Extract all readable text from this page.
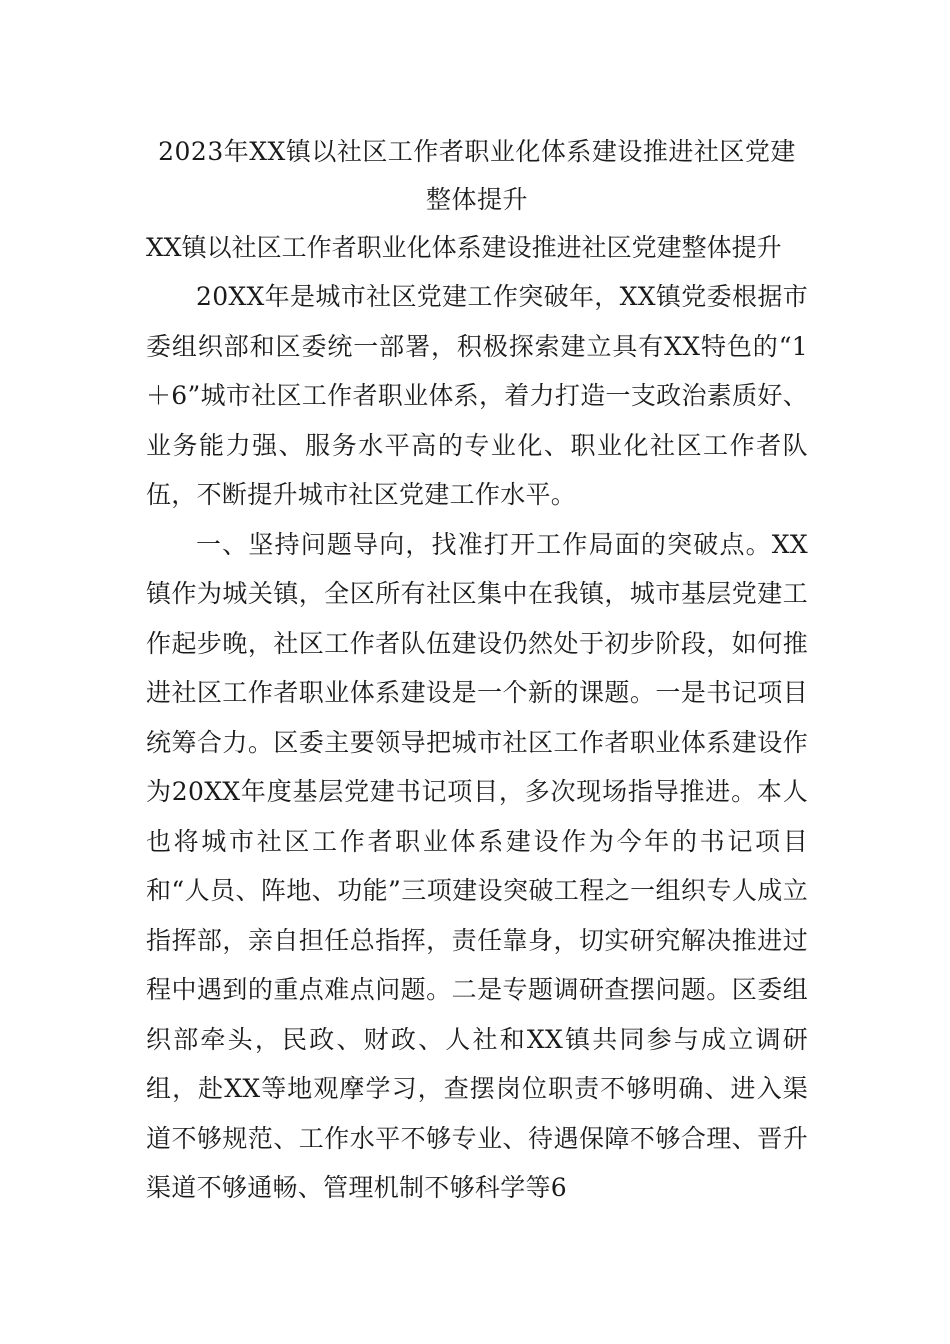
2023年XX镇以社区工作者职业化体系建设推进社区党建整体提升

XX镇以社区工作者职业化体系建设推进社区党建整体提升

20XX年是城市社区党建工作突破年，XX镇党委根据市委组织部和区委统一部署，积极探索建立具有XX特色的“1＋6”城市社区工作者职业体系，着力打造一支政治素质好、业务能力强、服务水平高的专业化、职业化社区工作者队伍，不断提升城市社区党建工作水平。

一、坚持问题导向，找准打开工作局面的突破点。XX镇作为城关镇，全区所有社区集中在我镇，城市基层党建工作起步晚，社区工作者队伍建设仍然处于初步阶段，如何推进社区工作者职业体系建设是一个新的课题。一是书记项目统筹合力。区委主要领导把城市社区工作者职业体系建设作为20XX年度基层党建书记项目，多次现场指导推进。本人也将城市社区工作者职业体系建设作为今年的书记项目和“人员、阵地、功能”三项建设突破工程之一组织专人成立指挥部，亲自担任总指挥，责任靠身，切实研究解决推进过程中遇到的重点难点问题。二是专题调研查摆问题。区委组织部牵头，民政、财政、人社和XX镇共同参与成立调研组，赴XX等地观摩学习，查摆岗位职责不够明确、进入渠道不够规范、工作水平不够专业、待遇保障不够合理、晋升渠道不够通畅、管理机制不够科学等6
